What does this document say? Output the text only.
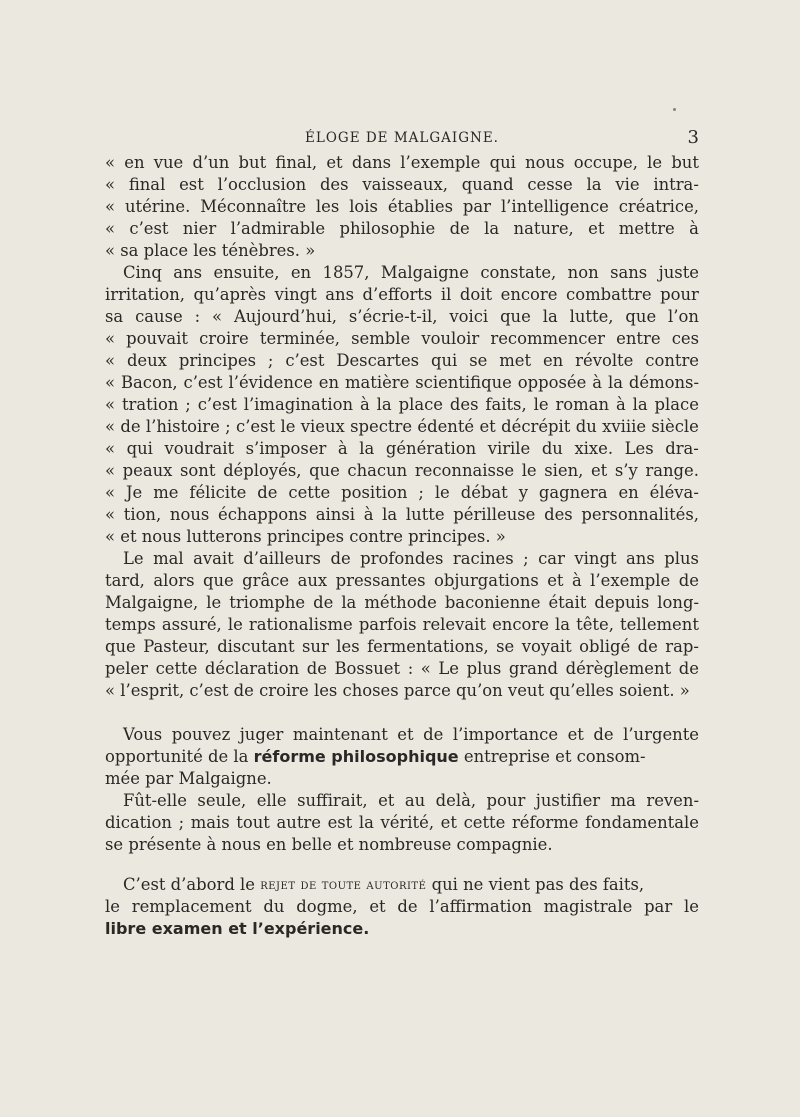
ÉLOGE DE MALGAIGNE.	3
« en vue d’un but final, et dans l’exemple qui nous occupe, le but
« final est l’occlusion des vaisseaux, quand cesse la vie intra-
« utérine. Méconnaître les lois établies par l’intelligence créatrice,
« c’est nier l’admirable philosophie de la nature, et mettre à
« sa place les ténèbres. »
Cinq ans ensuite, en 1857, Malgaigne constate, non sans juste
irritation, qu’après vingt ans d’efforts il doit encore combattre pour
sa cause : « Aujourd’hui, s’écrie-t-il, voici que la lutte, que l’on
« pouvait croire terminée, semble vouloir recommencer entre ces
« deux principes ; c’est Descartes qui se met en révolte contre
« Bacon, c’est l’évidence en matière scientifique opposée à la démons-
« tration ; c’est l’imagination à la place des faits, le roman à la place
« de l’histoire ; c’est le vieux spectre édenté et décrépit du xviiie siècle
« qui voudrait s’imposer à la génération virile du xixe. Les dra-
« peaux sont déployés, que chacun reconnaisse le sien, et s’y range.
« Je me félicite de cette position ; le débat y gagnera en éléva-
« tion, nous échappons ainsi à la lutte périlleuse des personnalités,
« et nous lutterons principes contre principes. »
Le mal avait d’ailleurs de profondes racines ; car vingt ans plus
tard, alors que grâce aux pressantes objurgations et à l’exemple de
Malgaigne, le triomphe de la méthode baconienne était depuis long-
temps assuré, le rationalisme parfois relevait encore la tête, tellement
que Pasteur, discutant sur les fermentations, se voyait obligé de rap-
peler cette déclaration de Bossuet : « Le plus grand dérèglement de
« l’esprit, c’est de croire les choses parce qu’on veut qu’elles soient. »
Vous pouvez juger maintenant et de l’importance et de l’urgente
opportunité de la réforme philosophique entreprise et consom-
mée par Malgaigne.
Fût-elle seule, elle suffirait, et au delà, pour justifier ma reven-
dication ; mais tout autre est la vérité, et cette réforme fondamentale
se présente à nous en belle et nombreuse compagnie.
C’est d’abord le rejet de toute autorité qui ne vient pas des faits,
le remplacement du dogme, et de l’affirmation magistrale par le
libre examen et l’expérience.
